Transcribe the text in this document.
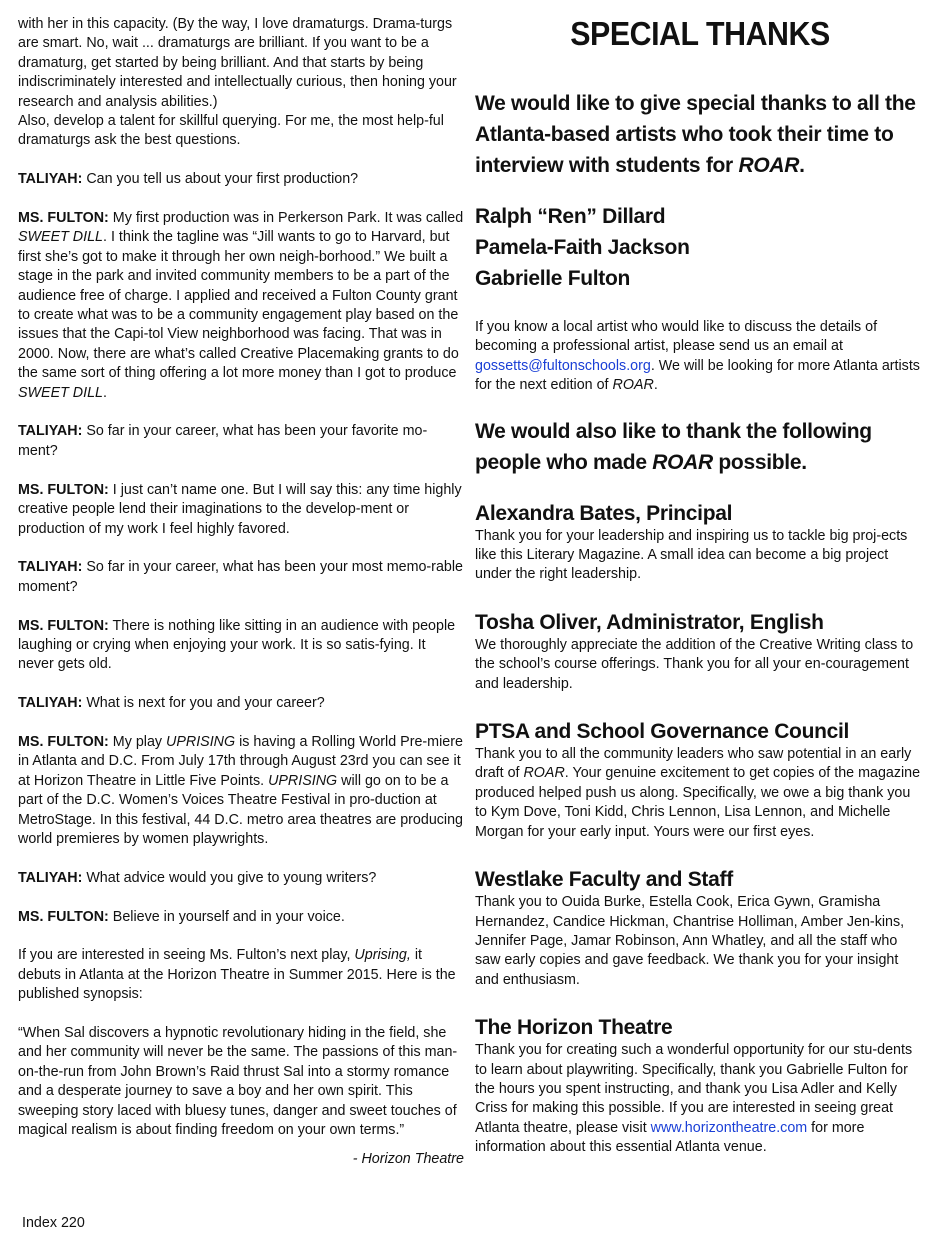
with her in this capacity. (By the way, I love dramaturgs. Drama-turgs are smart. No, wait ... dramaturgs are brilliant. If you want to be a dramaturg, get started by being brilliant. And that starts by being indiscriminately interested and intellectually curious, then honing your research and analysis abilities.)
Also, develop a talent for skillful querying. For me, the most help-ful dramaturgs ask the best questions.

TALIYAH: Can you tell us about your first production?

MS. FULTON: My first production was in Perkerson Park. It was called SWEET DILL. I think the tagline was “Jill wants to go to Harvard, but first she’s got to make it through her own neigh-borhood.” We built a stage in the park and invited community members to be a part of the audience free of charge. I applied and received a Fulton County grant to create what was to be a community engagement play based on the issues that the Capi-tol View neighborhood was facing. That was in 2000. Now, there are what’s called Creative Placemaking grants to do the same sort of thing offering a lot more money than I got to produce SWEET DILL.

TALIYAH: So far in your career, what has been your favorite mo-ment?

MS. FULTON: I just can’t name one. But I will say this: any time highly creative people lend their imaginations to the develop-ment or production of my work I feel highly favored.

TALIYAH: So far in your career, what has been your most memo-rable moment?

MS. FULTON: There is nothing like sitting in an audience with people laughing or crying when enjoying your work. It is so satis-fying. It never gets old.

TALIYAH: What is next for you and your career?

MS. FULTON: My play UPRISING is having a Rolling World Pre-miere in Atlanta and D.C. From July 17th through August 23rd you can see it at Horizon Theatre in Little Five Points. UPRISING will go on to be a part of the D.C. Women’s Voices Theatre Festival in pro-duction at MetroStage. In this festival, 44 D.C. metro area theatres are producing world premieres by women playwrights.

TALIYAH: What advice would you give to young writers?

MS. FULTON: Believe in yourself and in your voice.

If you are interested in seeing Ms. Fulton’s next play, Uprising, it debuts in Atlanta at the Horizon Theatre in Summer 2015. Here is the published synopsis:

“When Sal discovers a hypnotic revolutionary hiding in the field, she and her community will never be the same. The passions of this man-on-the-run from John Brown’s Raid thrust Sal into a stormy romance and a desperate journey to save a boy and her own spirit. This sweeping story laced with bluesy tunes, danger and sweet touches of magical realism is about finding freedom on your own terms.”

- Horizon Theatre

Index 220
SPECIAL THANKS
We would like to give special thanks to all the Atlanta-based artists who took their time to interview with students for ROAR.
Ralph “Ren” Dillard
Pamela-Faith Jackson
Gabrielle Fulton

If you know a local artist who would like to discuss the details of becoming a professional artist, please send us an email at gossetts@fultonschools.org. We will be looking for more Atlanta artists for the next edition of ROAR.

We would also like to thank the following people who made ROAR possible.
Alexandra Bates, Principal

Thank you for your leadership and inspiring us to tackle big proj-ects like this Literary Magazine. A small idea can become a big project under the right leadership.

Tosha Oliver, Administrator, English

We thoroughly appreciate the addition of the Creative Writing class to the school’s course offerings. Thank you for all your en-couragement and leadership.

PTSA and School Governance Council

Thank you to all the community leaders who saw potential in an early draft of ROAR. Your genuine excitement to get copies of the magazine produced helped push us along. Specifically, we owe a big thank you to Kym Dove, Toni Kidd, Chris Lennon, Lisa Lennon, and Michelle Morgan for your early input. Yours were our first eyes.

Westlake Faculty and Staff

Thank you to Ouida Burke, Estella Cook, Erica Gywn, Gramisha Hernandez, Candice Hickman, Chantrise Holliman, Amber Jen-kins, Jennifer Page, Jamar Robinson, Ann Whatley, and all the staff who saw early copies and gave feedback. We thank you for your insight and enthusiasm.

The Horizon Theatre

Thank you for creating such a wonderful opportunity for our stu-dents to learn about playwriting. Specifically, thank you Gabrielle Fulton for the hours you spent instructing, and thank you Lisa Adler and Kelly Criss for making this possible. If you are interested in seeing great Atlanta theatre, please visit www.horizontheatre.com for more information about this essential Atlanta venue.
